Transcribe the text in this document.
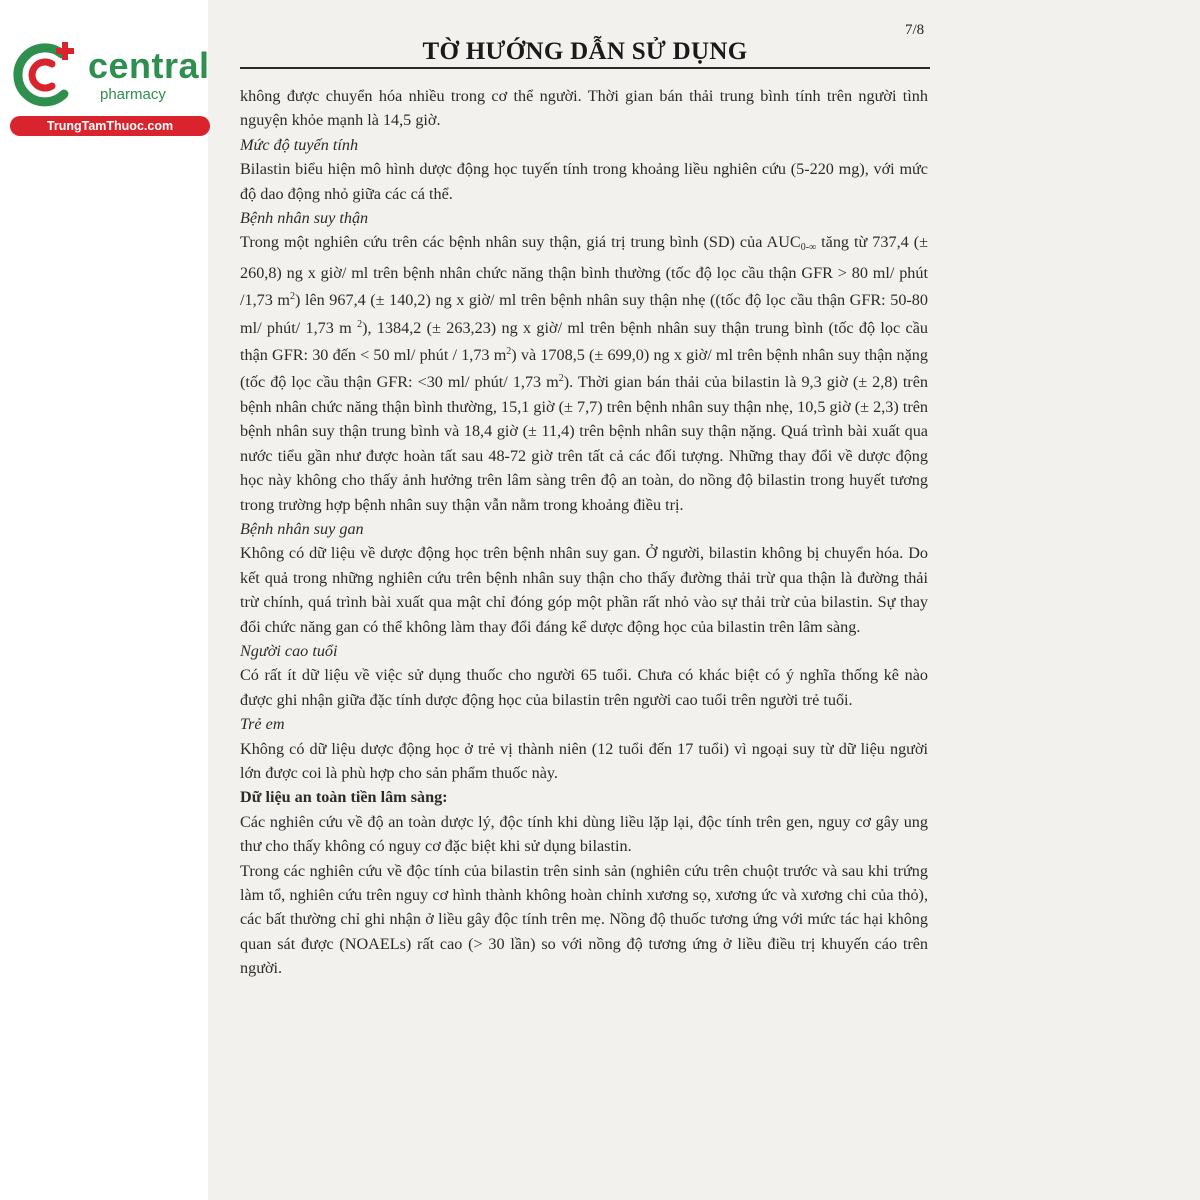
central
pharmacy
TrungTamThuoc.com
7/8
TỜ HƯỚNG DẪN SỬ DỤNG

không được chuyển hóa nhiều trong cơ thể người. Thời gian bán thải trung bình tính trên người tình nguyện khỏe mạnh là 14,5 giờ.

Mức độ tuyến tính

Bilastin biểu hiện mô hình dược động học tuyến tính trong khoảng liều nghiên cứu (5-220 mg), với mức độ dao động nhỏ giữa các cá thể.

Bệnh nhân suy thận

Trong một nghiên cứu trên các bệnh nhân suy thận, giá trị trung bình (SD) của $AUC_{0-\infty}$ tăng từ 737,4 (± 260,8) ng x giờ/ ml trên bệnh nhân chức năng thận bình thường (tốc độ lọc cầu thận GFR > 80 ml/ phút /1,73 $m^2$) lên 967,4 (± 140,2) ng x giờ/ ml trên bệnh nhân suy thận nhẹ ((tốc độ lọc cầu thận GFR: 50-80 ml/ phút/ 1,73 m $^2$), 1384,2 (± 263,23) ng x giờ/ ml trên bệnh nhân suy thận trung bình (tốc độ lọc cầu thận GFR: 30 đến < 50 ml/ phút / 1,73 $m^2$) và 1708,5 (± 699,0) ng x giờ/ ml trên bệnh nhân suy thận nặng (tốc độ lọc cầu thận GFR: <30 ml/ phút/ 1,73 $m^2$). Thời gian bán thải của bilastin là 9,3 giờ (± 2,8) trên bệnh nhân chức năng thận bình thường, 15,1 giờ (± 7,7) trên bệnh nhân suy thận nhẹ, 10,5 giờ (± 2,3) trên bệnh nhân suy thận trung bình và 18,4 giờ (± 11,4) trên bệnh nhân suy thận nặng. Quá trình bài xuất qua nước tiểu gần như được hoàn tất sau 48-72 giờ trên tất cả các đối tượng. Những thay đổi về dược động học này không cho thấy ảnh hưởng trên lâm sàng trên độ an toàn, do nồng độ bilastin trong huyết tương trong trường hợp bệnh nhân suy thận vẫn nằm trong khoảng điều trị.

Bệnh nhân suy gan

Không có dữ liệu về dược động học trên bệnh nhân suy gan. Ở người, bilastin không bị chuyển hóa. Do kết quả trong những nghiên cứu trên bệnh nhân suy thận cho thấy đường thải trừ qua thận là đường thải trừ chính, quá trình bài xuất qua mật chỉ đóng góp một phần rất nhỏ vào sự thải trừ của bilastin. Sự thay đổi chức năng gan có thể không làm thay đổi đáng kể dược động học của bilastin trên lâm sàng.

Người cao tuổi

Có rất ít dữ liệu về việc sử dụng thuốc cho người 65 tuổi. Chưa có khác biệt có ý nghĩa thống kê nào được ghi nhận giữa đặc tính dược động học của bilastin trên người cao tuổi trên người trẻ tuổi.

Trẻ em

Không có dữ liệu dược động học ở trẻ vị thành niên (12 tuổi đến 17 tuổi) vì ngoại suy từ dữ liệu người lớn được coi là phù hợp cho sản phẩm thuốc này.

Dữ liệu an toàn tiền lâm sàng:

Các nghiên cứu về độ an toàn dược lý, độc tính khi dùng liều lặp lại, độc tính trên gen, nguy cơ gây ung thư cho thấy không có nguy cơ đặc biệt khi sử dụng bilastin.

Trong các nghiên cứu về độc tính của bilastin trên sinh sản (nghiên cứu trên chuột trước và sau khi trứng làm tổ, nghiên cứu trên nguy cơ hình thành không hoàn chỉnh xương sọ, xương ức và xương chi của thỏ), các bất thường chỉ ghi nhận ở liều gây độc tính trên mẹ. Nồng độ thuốc tương ứng với mức tác hại không quan sát được (NOAELs) rất cao (> 30 lần) so với nồng độ tương ứng ở liều điều trị khuyến cáo trên người.
